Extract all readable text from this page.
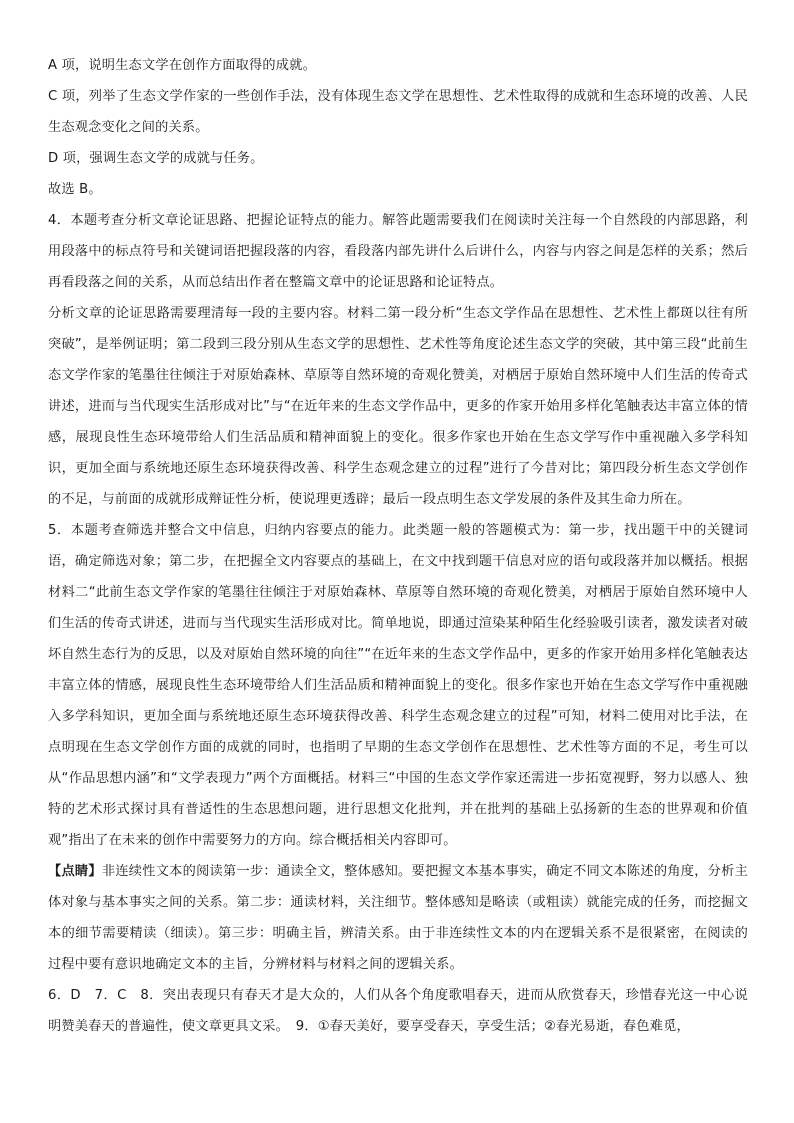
A 项，说明生态文学在创作方面取得的成就。

C 项，列举了生态文学作家的一些创作手法，没有体现生态文学在思想性、艺术性取得的成就和生态环境的改善、人民生态观念变化之间的关系。

D 项，强调生态文学的成就与任务。

故选 B。

4．本题考查分析文章论证思路、把握论证特点的能力。解答此题需要我们在阅读时关注每一个自然段的内部思路，利用段落中的标点符号和关键词语把握段落的内容，看段落内部先讲什么后讲什么，内容与内容之间是怎样的关系；然后再看段落之间的关系，从而总结出作者在整篇文章中的论证思路和论证特点。

分析文章的论证思路需要理清每一段的主要内容。材料二第一段分析“生态文学作品在思想性、艺术性上都斑以往有所突破”，是举例证明；第二段到三段分别从生态文学的思想性、艺术性等角度论述生态文学的突破，其中第三段“此前生态文学作家的笔墨往往倾注于对原始森林、草原等自然环境的奇观化赞美，对栖居于原始自然环境中人们生活的传奇式讲述，进而与当代现实生活形成对比”与“在近年来的生态文学作品中，更多的作家开始用多样化笔触表达丰富立体的情感，展现良性生态环境带给人们生活品质和精神面貌上的变化。很多作家也开始在生态文学写作中重视融入多学科知识，更加全面与系统地还原生态环境获得改善、科学生态观念建立的过程”进行了今昔对比；第四段分析生态文学创作的不足，与前面的成就形成辩证性分析，使说理更透辟；最后一段点明生态文学发展的条件及其生命力所在。

5．本题考查筛选并整合文中信息，归纳内容要点的能力。此类题一般的答题模式为：第一步，找出题干中的关键词语，确定筛选对象；第二步，在把握全文内容要点的基础上，在文中找到题干信息对应的语句或段落并加以概括。根据材料二“此前生态文学作家的笔墨往往倾注于对原始森林、草原等自然环境的奇观化赞美，对栖居于原始自然环境中人们生活的传奇式讲述，进而与当代现实生活形成对比。简单地说，即通过渲染某种陌生化经验吸引读者，激发读者对破坏自然生态行为的反思，以及对原始自然环境的向往”“在近年来的生态文学作品中，更多的作家开始用多样化笔触表达丰富立体的情感，展现良性生态环境带给人们生活品质和精神面貌上的变化。很多作家也开始在生态文学写作中重视融入多学科知识，更加全面与系统地还原生态环境获得改善、科学生态观念建立的过程”可知，材料二使用对比手法，在点明现在生态文学创作方面的成就的同时，也指明了早期的生态文学创作在思想性、艺术性等方面的不足，考生可以从“作品思想内涵”和“文学表现力”两个方面概括。材料三“中国的生态文学作家还需进一步拓宽视野，努力以感人、独特的艺术形式探讨具有普适性的生态思想问题，进行思想文化批判，并在批判的基础上弘扬新的生态的世界观和价值观”指出了在未来的创作中需要努力的方向。综合概括相关内容即可。

【点睛】非连续性文本的阅读第一步：通读全文，整体感知。要把握文本基本事实，确定不同文本陈述的角度，分析主体对象与基本事实之间的关系。第二步：通读材料，关注细节。整体感知是略读（或粗读）就能完成的任务，而挖掘文本的细节需要精读（细读）。第三步：明确主旨，辨清关系。由于非连续性文本的内在逻辑关系不是很紧密，在阅读的过程中要有意识地确定文本的主旨，分辨材料与材料之间的逻辑关系。

6．D　7．C　8．突出表现只有春天才是大众的，人们从各个角度歌唱春天，进而从欣赏春天，珍惜春光这一中心说明赞美春天的普遍性，使文章更具文采。　9．①春天美好，要享受春天，享受生活；②春光易逝，春色难觅，
